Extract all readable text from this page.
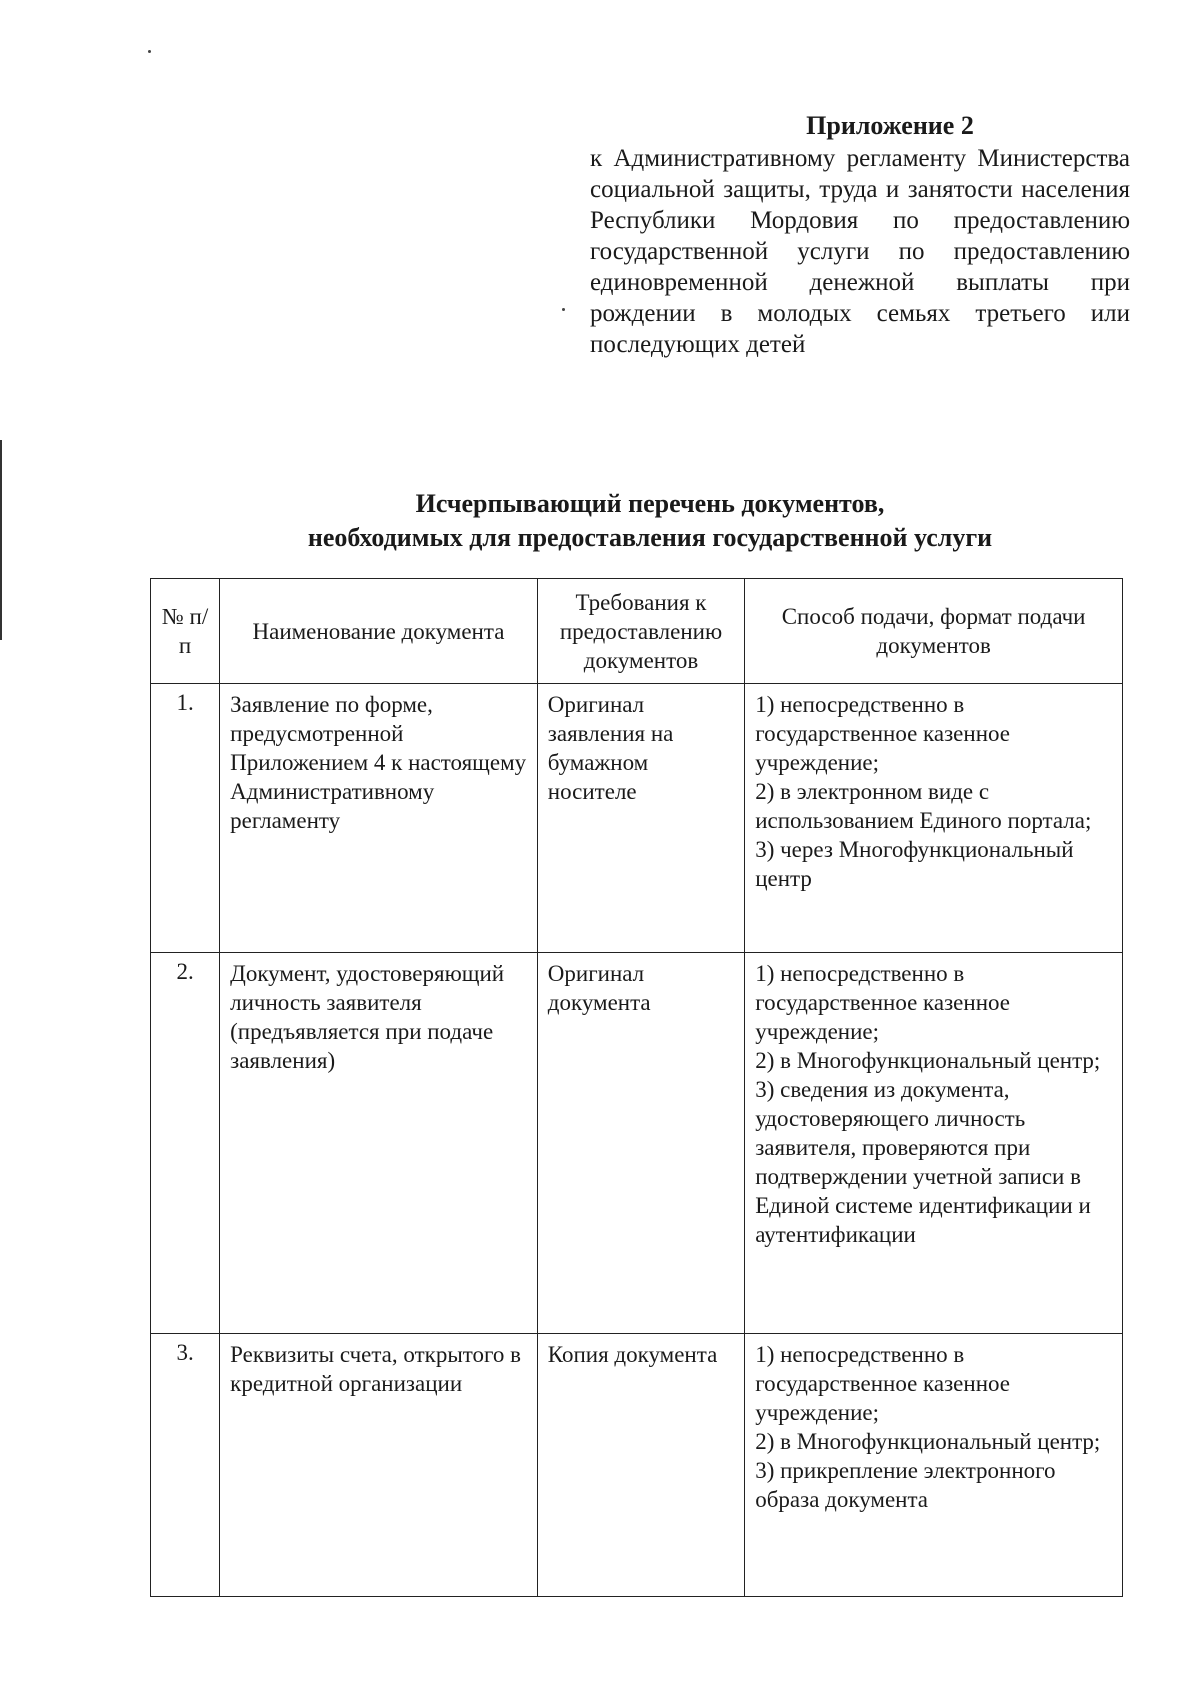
Приложение 2
к Административному регламенту Министерства социальной защиты, труда и занятости населения Республики Мордовия по предоставлению государственной услуги по предоставлению единовременной денежной выплаты при рождении в молодых семьях третьего или последующих детей
Исчерпывающий перечень документов,
необходимых для предоставления государственной услуги
№ п/п	Наименование документа	Требования к предоставлению документов	Способ подачи, формат подачи документов
1.	Заявление по форме, предусмотренной Приложением 4 к настоящему Административному регламенту	Оригинал заявления на бумажном носителе	1) непосредственно в государственное казенное учреждение;
2) в электронном виде с использованием Единого портала;
3) через Многофункциональный центр

2.	Документ, удостоверяющий личность заявителя (предъявляется при подаче заявления)	Оригинал документа	1) непосредственно в государственное казенное учреждение;
2) в Многофункциональный центр;
3) сведения из документа, удостоверяющего личность заявителя, проверяются при подтверждении учетной записи в Единой системе идентификации и аутентификации

3.	Реквизиты счета, открытого в кредитной организации	Копия документа	1) непосредственно в государственное казенное учреждение;
2) в Многофункциональный центр;
3) прикрепление электронного образа документа
